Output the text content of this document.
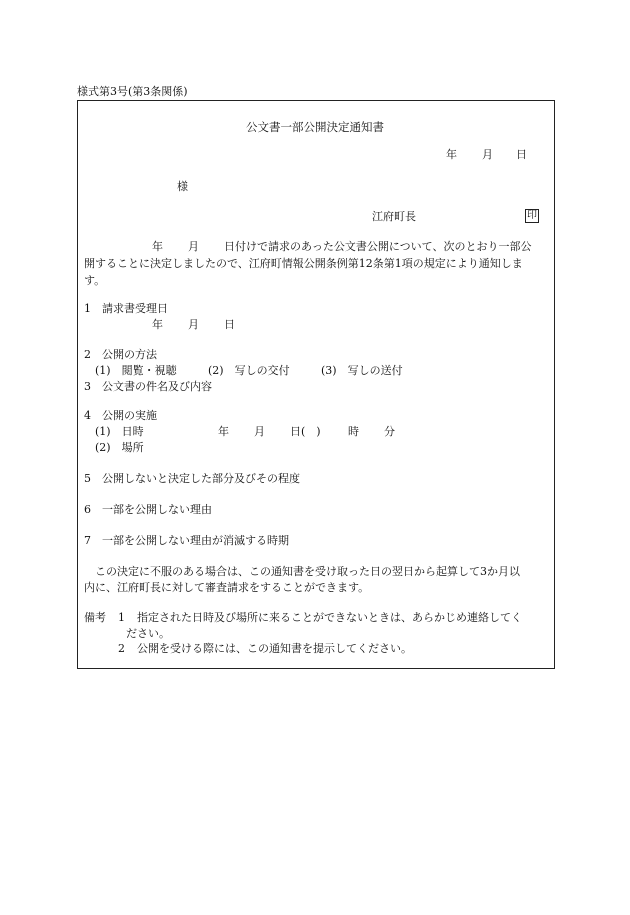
様式第3号(第3条関係)
公文書一部公開決定通知書
年 月 日
様
江府町長	印
年 月 日付けで請求のあった公文書公開について、次のとおり一部公
開することに決定しましたので、江府町情報公開条例第12条第1項の規定により通知しま
す。
1　請求書受理日
年 月 日
2　公開の方法
(1)　閲覧・視聴	(2)　写しの交付	(3)　写しの送付
3　公文書の件名及び内容
4　公開の実施
(1)　日時	年 月 日(　) 時 分
(2)　場所
5　公開しないと決定した部分及びその程度
6　一部を公開しない理由
7　一部を公開しない理由が消滅する時期
この決定に不服のある場合は、この通知書を受け取った日の翌日から起算して3か月以
内に、江府町長に対して審査請求をすることができます。
備考 1 指定された日時及び場所に来ることができないときは、あらかじめ連絡してく
ださい。
2 公開を受ける際には、この通知書を提示してください。
